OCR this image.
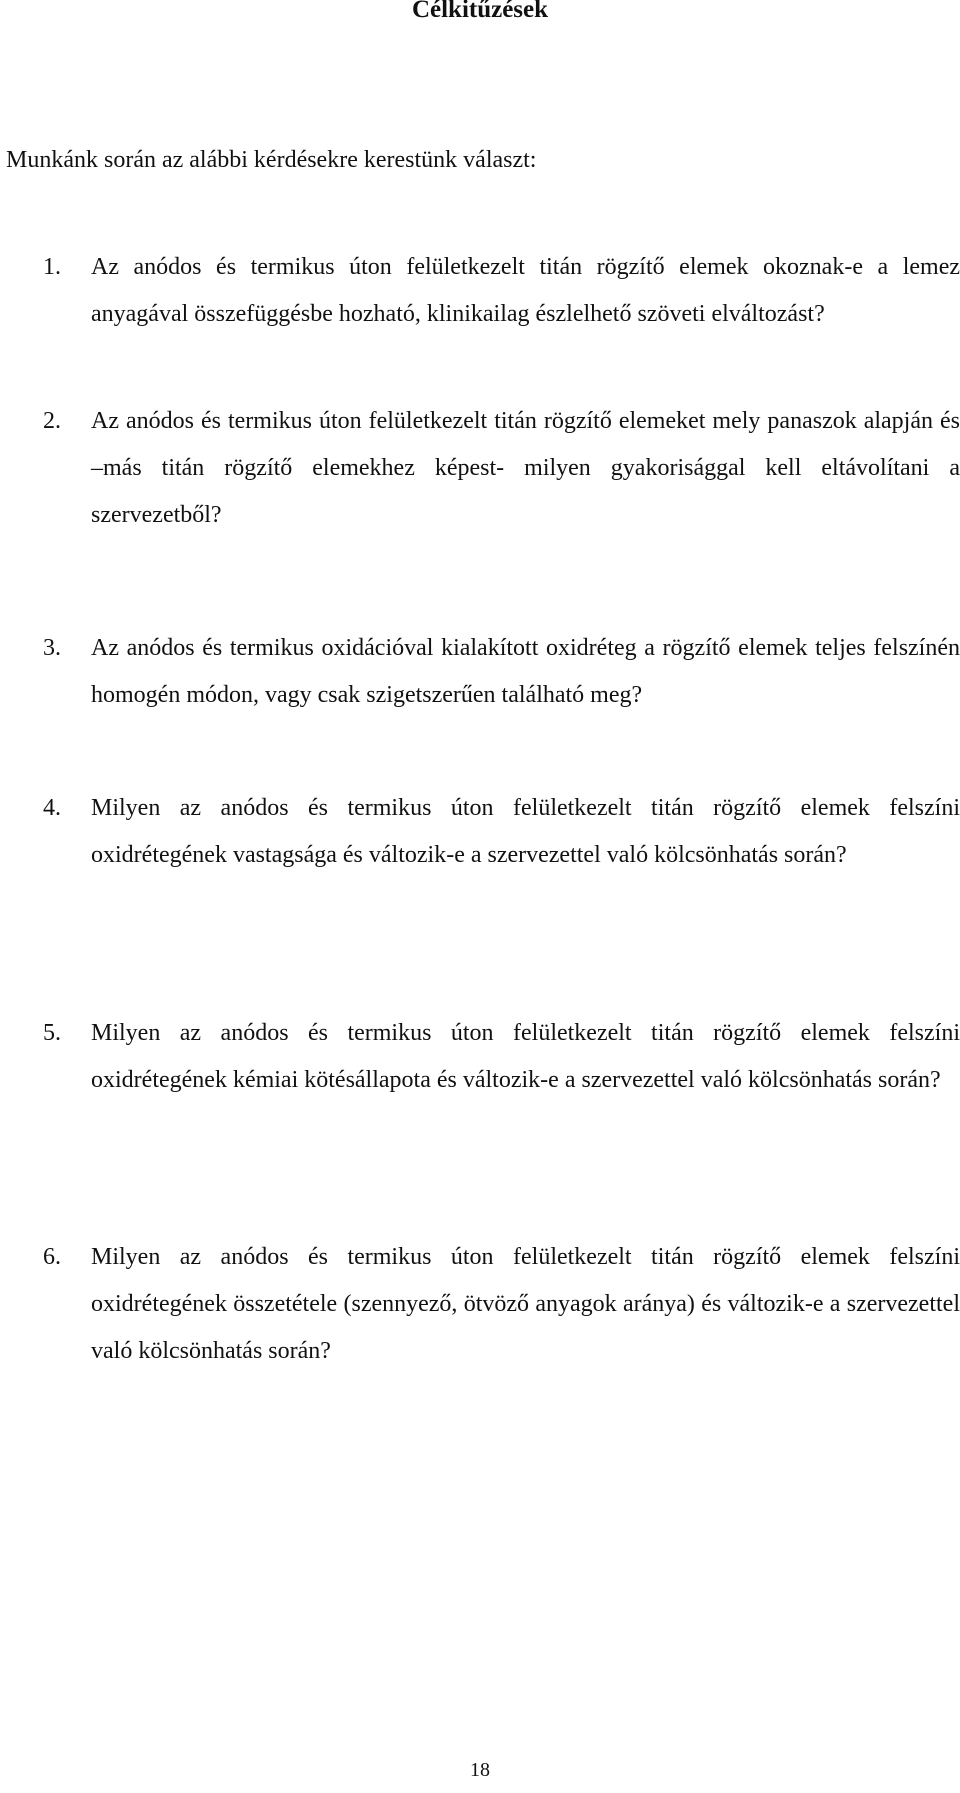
Célkitűzések
Munkánk során az alábbi kérdésekre kerestünk választ:
1.	Az anódos és termikus úton felületkezelt titán rögzítő elemek okoznak-e a lemez anyagával összefüggésbe hozható, klinikailag észlelhető szöveti elváltozást?

2.	Az anódos és termikus úton felületkezelt titán rögzítő elemeket mely panaszok alapján és –más titán rögzítő elemekhez képest- milyen gyakorisággal kell eltávolítani a szervezetből?

3.	Az anódos és termikus oxidációval kialakított oxidréteg a rögzítő elemek teljes felszínén homogén módon, vagy csak szigetszerűen található meg?

4.	Milyen az anódos és termikus úton felületkezelt titán rögzítő elemek felszíni oxidrétegének vastagsága és változik-e a szervezettel való kölcsönhatás során?

5.	Milyen az anódos és termikus úton felületkezelt titán rögzítő elemek felszíni oxidrétegének kémiai kötésállapota és változik-e a szervezettel való kölcsönhatás során?

6.	Milyen az anódos és termikus úton felületkezelt titán rögzítő elemek felszíni oxidrétegének összetétele (szennyező, ötvöző anyagok aránya) és változik-e a szervezettel való kölcsönhatás során?

18
